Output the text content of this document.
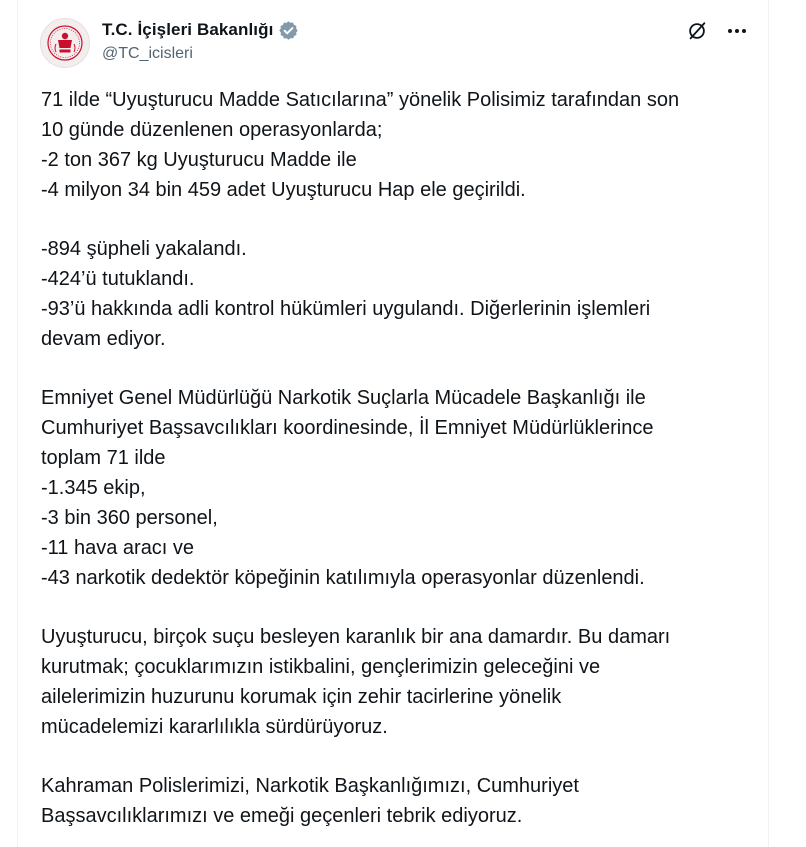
T.C. İçişleri Bakanlığı
@TC_icisleri
71 ilde “Uyuşturucu Madde Satıcılarına” yönelik Polisimiz tarafından son
10 günde düzenlenen operasyonlarda;
-2 ton 367 kg Uyuşturucu Madde ile
-4 milyon 34 bin 459 adet Uyuşturucu Hap ele geçirildi.
-894 şüpheli yakalandı.
-424’ü tutuklandı.
-93’ü hakkında adli kontrol hükümleri uygulandı. Diğerlerinin işlemleri
devam ediyor.
Emniyet Genel Müdürlüğü Narkotik Suçlarla Mücadele Başkanlığı ile
Cumhuriyet Başsavcılıkları koordinesinde, İl Emniyet Müdürlüklerince
toplam 71 ilde
-1.345 ekip,
-3 bin 360 personel,
-11 hava aracı ve
-43 narkotik dedektör köpeğinin katılımıyla operasyonlar düzenlendi.
Uyuşturucu, birçok suçu besleyen karanlık bir ana damardır. Bu damarı
kurutmak; çocuklarımızın istikbalini, gençlerimizin geleceğini ve
ailelerimizin huzurunu korumak için zehir tacirlerine yönelik
mücadelemizi kararlılıkla sürdürüyoruz.
Kahraman Polislerimizi, Narkotik Başkanlığımızı, Cumhuriyet
Başsavcılıklarımızı ve emeği geçenleri tebrik ediyoruz.
